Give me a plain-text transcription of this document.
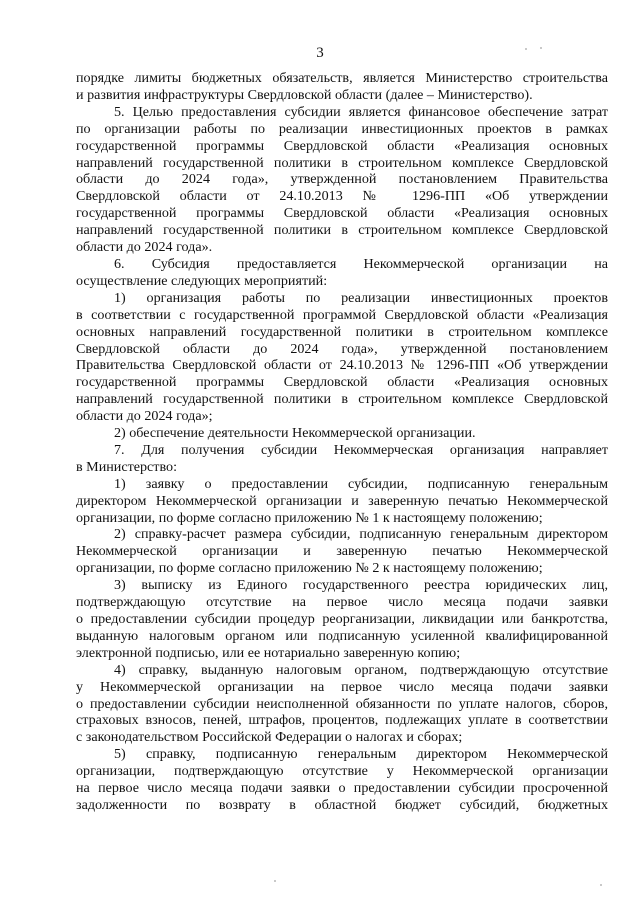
3

порядке лимиты бюджетных обязательств, является Министерство строительства

и развития инфраструктуры Свердловской области (далее – Министерство).

5. Целью предоставления субсидии является финансовое обеспечение затрат

по организации работы по реализации инвестиционных проектов в рамках

государственной программы Свердловской области «Реализация основных

направлений государственной политики в строительном комплексе Свердловской

области до 2024 года», утвержденной постановлением Правительства

Свердловской области от 24.10.2013 № 1296-ПП «Об утверждении

государственной программы Свердловской области «Реализация основных

направлений государственной политики в строительном комплексе Свердловской

области до 2024 года».

6. Субсидия предоставляется Некоммерческой организации на

осуществление следующих мероприятий:

1) организация работы по реализации инвестиционных проектов

в соответствии с государственной программой Свердловской области «Реализация

основных направлений государственной политики в строительном комплексе

Свердловской области до 2024 года», утвержденной постановлением

Правительства Свердловской области от 24.10.2013 № 1296-ПП «Об утверждении

государственной программы Свердловской области «Реализация основных

направлений государственной политики в строительном комплексе Свердловской

области до 2024 года»;

2) обеспечение деятельности Некоммерческой организации.

7. Для получения субсидии Некоммерческая организация направляет

в Министерство:

1) заявку о предоставлении субсидии, подписанную генеральным

директором Некоммерческой организации и заверенную печатью Некоммерческой

организации, по форме согласно приложению № 1 к настоящему положению;

2) справку-расчет размера субсидии, подписанную генеральным директором

Некоммерческой организации и заверенную печатью Некоммерческой

организации, по форме согласно приложению № 2 к настоящему положению;

3) выписку из Единого государственного реестра юридических лиц,

подтверждающую отсутствие на первое число месяца подачи заявки

о предоставлении субсидии процедур реорганизации, ликвидации или банкротства,

выданную налоговым органом или подписанную усиленной квалифицированной

электронной подписью, или ее нотариально заверенную копию;

4) справку, выданную налоговым органом, подтверждающую отсутствие

у Некоммерческой организации на первое число месяца подачи заявки

о предоставлении субсидии неисполненной обязанности по уплате налогов, сборов,

страховых взносов, пеней, штрафов, процентов, подлежащих уплате в соответствии

с законодательством Российской Федерации о налогах и сборах;

5) справку, подписанную генеральным директором Некоммерческой

организации, подтверждающую отсутствие у Некоммерческой организации

на первое число месяца подачи заявки о предоставлении субсидии просроченной

задолженности по возврату в областной бюджет субсидий, бюджетных
